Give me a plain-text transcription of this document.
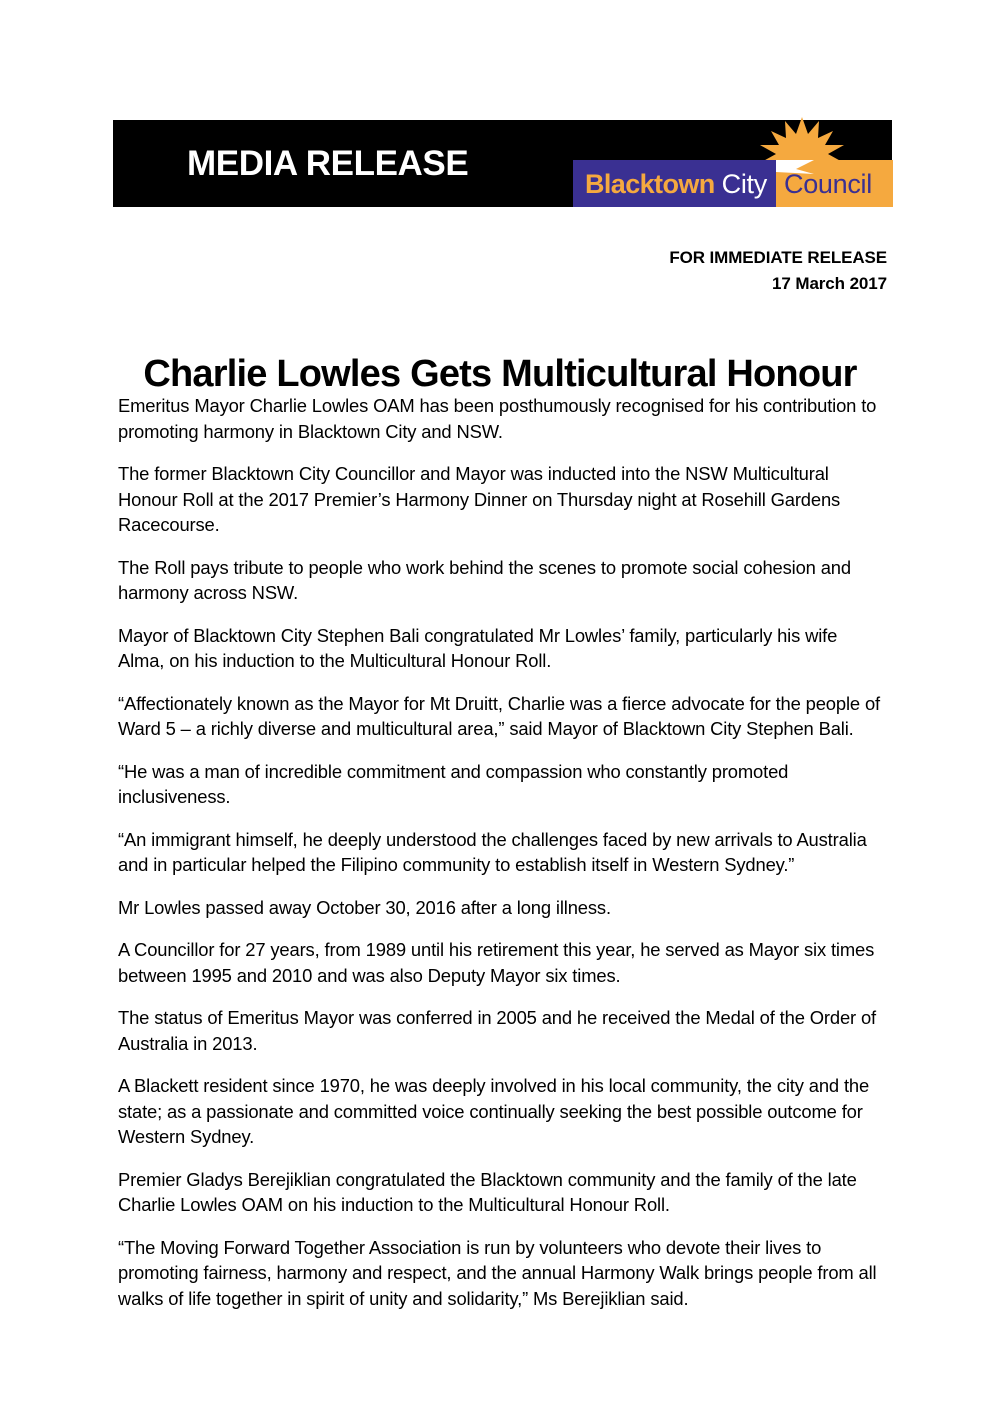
MEDIA RELEASE
Blacktown City Council
FOR IMMEDIATE RELEASE
17 March 2017
Charlie Lowles Gets Multicultural Honour

Emeritus Mayor Charlie Lowles OAM has been posthumously recognised for his contribution to promoting harmony in Blacktown City and NSW.

The former Blacktown City Councillor and Mayor was inducted into the NSW Multicultural Honour Roll at the 2017 Premier’s Harmony Dinner on Thursday night at Rosehill Gardens Racecourse.

The Roll pays tribute to people who work behind the scenes to promote social cohesion and harmony across NSW.

Mayor of Blacktown City Stephen Bali congratulated Mr Lowles’ family, particularly his wife Alma, on his induction to the Multicultural Honour Roll.

“Affectionately known as the Mayor for Mt Druitt, Charlie was a fierce advocate for the people of Ward 5 – a richly diverse and multicultural area,” said Mayor of Blacktown City Stephen Bali.

“He was a man of incredible commitment and compassion who constantly promoted inclusiveness.

“An immigrant himself, he deeply understood the challenges faced by new arrivals to Australia and in particular helped the Filipino community to establish itself in Western Sydney.”

Mr Lowles passed away October 30, 2016 after a long illness.

A Councillor for 27 years, from 1989 until his retirement this year, he served as Mayor six times between 1995 and 2010 and was also Deputy Mayor six times.

The status of Emeritus Mayor was conferred in 2005 and he received the Medal of the Order of Australia in 2013.

A Blackett resident since 1970, he was deeply involved in his local community, the city and the state; as a passionate and committed voice continually seeking the best possible outcome for Western Sydney.

Premier Gladys Berejiklian congratulated the Blacktown community and the family of the late Charlie Lowles OAM on his induction to the Multicultural Honour Roll.

“The Moving Forward Together Association is run by volunteers who devote their lives to promoting fairness, harmony and respect, and the annual Harmony Walk brings people from all walks of life together in spirit of unity and solidarity,” Ms Berejiklian said.
